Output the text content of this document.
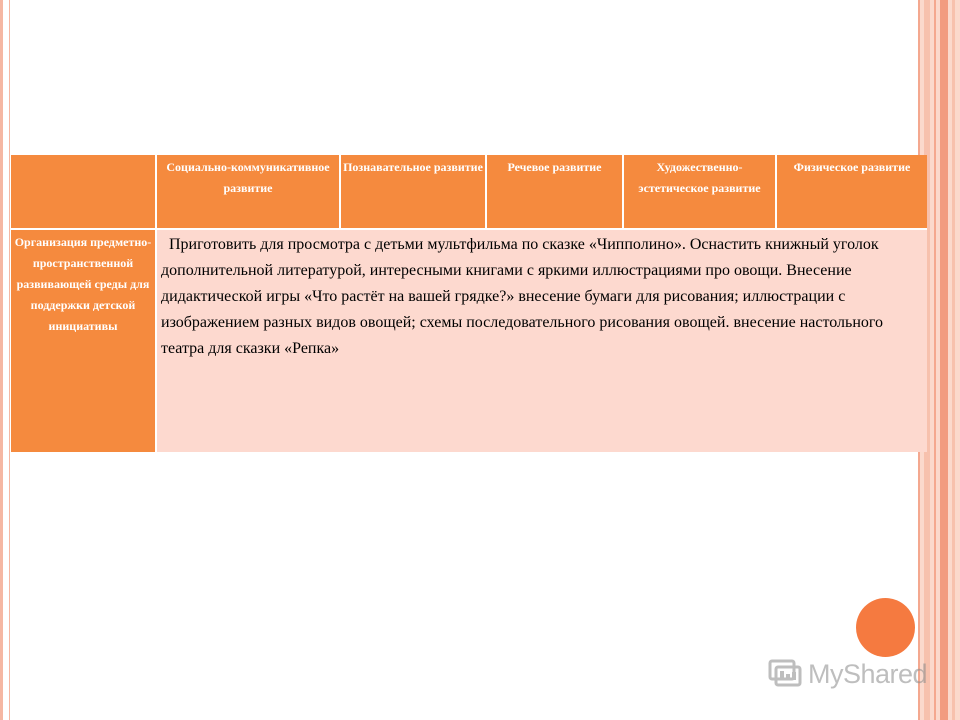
	Социально-коммуникативное развитие	Познавательное развитие	Речевое развитие	Художественно-эстетическое развитие	Физическое развитие

Организация предметно-пространственной развивающей среды для поддержки детской инициативы	Приготовить для просмотра с детьми мультфильма по сказке «Чипполино». Оснастить книжный уголок дополнительной литературой, интересными книгами с яркими иллюстрациями про овощи. Внесение дидактической игры «Что растёт на вашей грядке?» внесение бумаги для рисования; иллюстрации с изображением разных видов овощей; схемы последовательного рисования овощей. внесение настольного театра для сказки «Репка»				
MyShared
